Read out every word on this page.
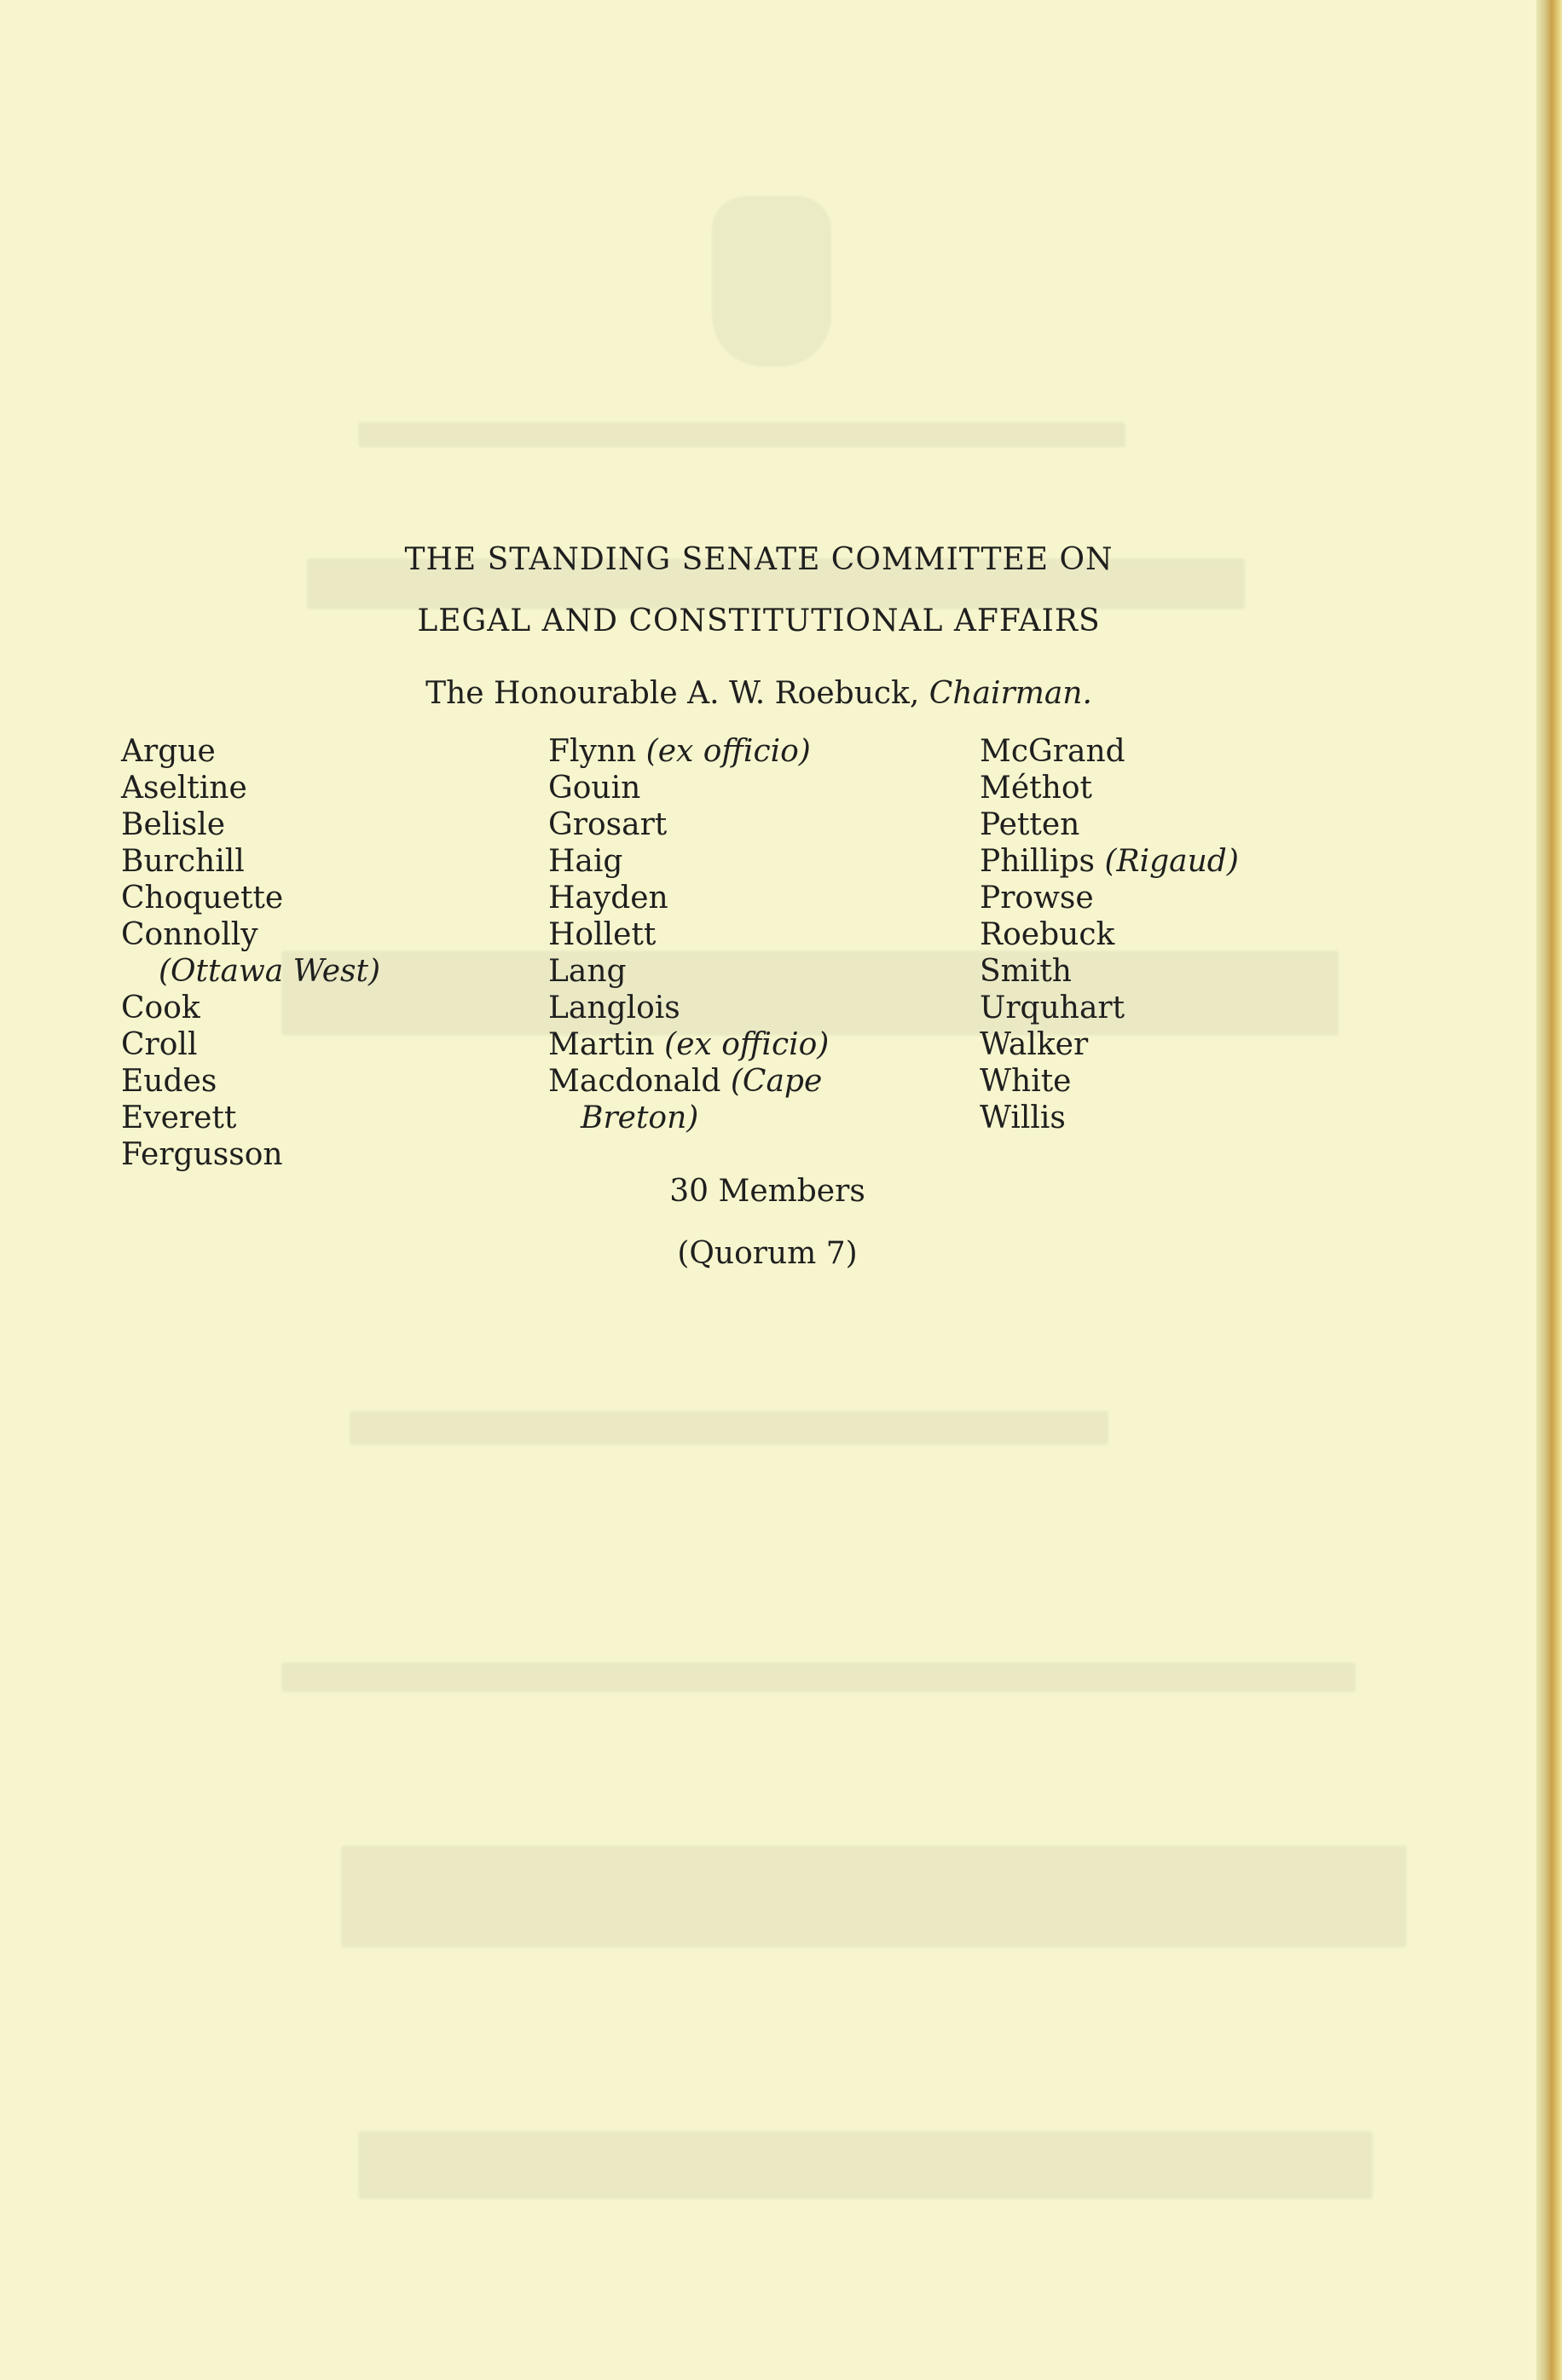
THE STANDING SENATE COMMITTEE ON
LEGAL AND CONSTITUTIONAL AFFAIRS
The Honourable A. W. Roebuck, Chairman.
Argue
Aseltine
Belisle
Burchill
Choquette
Connolly
(Ottawa West)
Cook
Croll
Eudes
Everett
Fergusson
Flynn (ex officio)
Gouin
Grosart
Haig
Hayden
Hollett
Lang
Langlois
Martin (ex officio)
Macdonald (Cape
Breton)
McGrand
Méthot
Petten
Phillips (Rigaud)
Prowse
Roebuck
Smith
Urquhart
Walker
White
Willis
30 Members
(Quorum 7)
